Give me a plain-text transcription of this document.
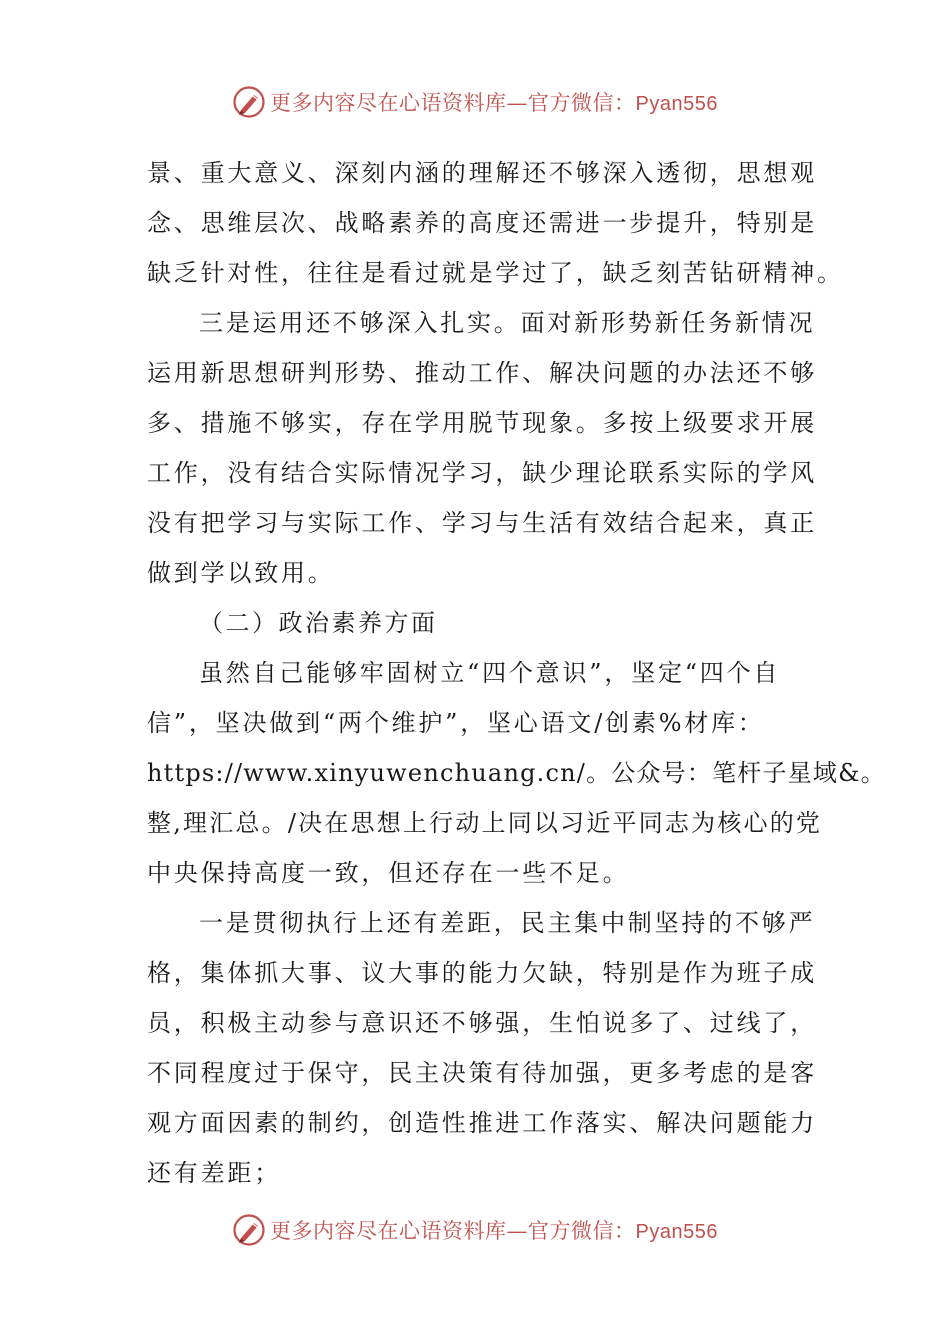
更多内容尽在心语资料库—官方微信：Pyan556
景、重大意义、深刻内涵的理解还不够深入透彻，思想观
念、思维层次、战略素养的高度还需进一步提升，特别是
缺乏针对性，往往是看过就是学过了，缺乏刻苦钻研精神。
三是运用还不够深入扎实。面对新形势新任务新情况
运用新思想研判形势、推动工作、解决问题的办法还不够
多、措施不够实，存在学用脱节现象。多按上级要求开展
工作，没有结合实际情况学习，缺少理论联系实际的学风
没有把学习与实际工作、学习与生活有效结合起来，真正
做到学以致用。
（二）政治素养方面
虽然自己能够牢固树立“四个意识”，坚定“四个自
信”，坚决做到“两个维护”，坚心语文/创素%材库：
https://www.xinyuwenchuang.cn/。公众号：笔杆子星域&。
整,理汇总。/决在思想上行动上同以习近平同志为核心的党
中央保持高度一致，但还存在一些不足。
一是贯彻执行上还有差距，民主集中制坚持的不够严
格，集体抓大事、议大事的能力欠缺，特别是作为班子成
员，积极主动参与意识还不够强，生怕说多了、过线了，
不同程度过于保守，民主决策有待加强，更多考虑的是客
观方面因素的制约，创造性推进工作落实、解决问题能力
还有差距；
更多内容尽在心语资料库—官方微信：Pyan556
